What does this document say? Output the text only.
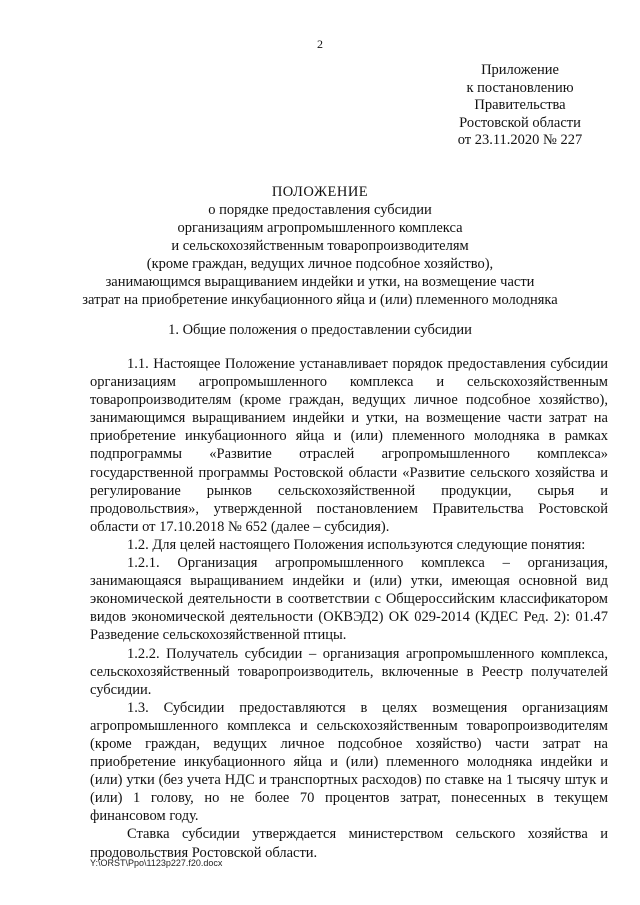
2
Приложение
к постановлению
Правительства
Ростовской области
от 23.11.2020 № 227
ПОЛОЖЕНИЕ
о порядке предоставления субсидии
организациям агропромышленного комплекса
и сельскохозяйственным товаропроизводителям
(кроме граждан, ведущих личное подсобное хозяйство),
занимающимся выращиванием индейки и утки, на возмещение части
затрат на приобретение инкубационного яйца и (или) племенного молодняка
1. Общие положения о предоставлении субсидии

1.1. Настоящее Положение устанавливает порядок предоставления субсидии организациям агропромышленного комплекса и сельскохозяйственным товаропроизводителям (кроме граждан, ведущих личное подсобное хозяйство), занимающимся выращиванием индейки и утки, на возмещение части затрат на приобретение инкубационного яйца и (или) племенного молодняка в рамках подпрограммы «Развитие отраслей агропромышленного комплекса» государственной программы Ростовской области «Развитие сельского хозяйства и регулирование рынков сельскохозяйственной продукции, сырья и продовольствия», утвержденной постановлением Правительства Ростовской области от 17.10.2018 № 652 (далее – субсидия).

1.2. Для целей настоящего Положения используются следующие понятия:

1.2.1. Организация агропромышленного комплекса – организация, занимающаяся выращиванием индейки и (или) утки, имеющая основной вид экономической деятельности в соответствии с Общероссийским классификатором видов экономической деятельности (ОКВЭД2) ОК 029-2014 (КДЕС Ред. 2): 01.47 Разведение сельскохозяйственной птицы.

1.2.2. Получатель субсидии – организация агропромышленного комплекса, сельскохозяйственный товаропроизводитель, включенные в Реестр получателей субсидии.

1.3. Субсидии предоставляются в целях возмещения организациям агропромышленного комплекса и сельскохозяйственным товаропроизводителям (кроме граждан, ведущих личное подсобное хозяйство) части затрат на приобретение инкубационного яйца и (или) племенного молодняка индейки и (или) утки (без учета НДС и транспортных расходов) по ставке на 1 тысячу штук и (или) 1 голову, но не более 70 процентов затрат, понесенных в текущем финансовом году.

Ставка субсидии утверждается министерством сельского хозяйства и продовольствия Ростовской области.

Y:\ORST\Ppo\1123p227.f20.docx
